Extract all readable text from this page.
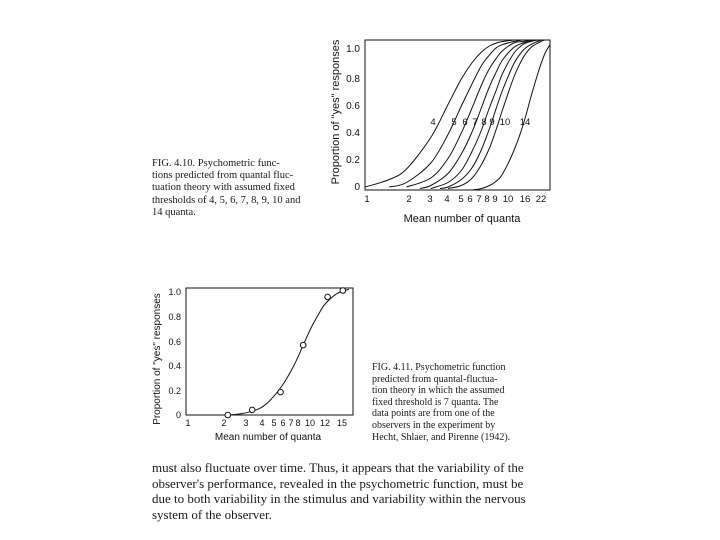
Proportion of "yes" responses
0
0.2
0.4
0.6
0.8
1.0
4 5 6 7 8 9 10 14
1	2 3 4 5 6 7 8 9 10 16 22
Mean number of quanta
FIG. 4.10. Psychometric func-
tions predicted from quantal fluc-
tuation theory with assumed fixed
thresholds of 4, 5, 6, 7, 8, 9, 10 and
14 quanta.
Proportion of "yes" responses 0
0.2
0.4
0.6
0.8
1.0
1	2 3 4 5 6 7 8 10 12 15
Mean number of quanta
FIG. 4.11. Psychometric function
predicted from quantal-fluctua-
tion theory in which the assumed
fixed threshold is 7 quanta. The
data points are from one of the
observers in the experiment by
Hecht, Shlaer, and Pirenne (1942).
must also fluctuate over time. Thus, it appears that the variability of the
observer's performance, revealed in the psychometric function, must be
due to both variability in the stimulus and variability within the nervous
system of the observer.
